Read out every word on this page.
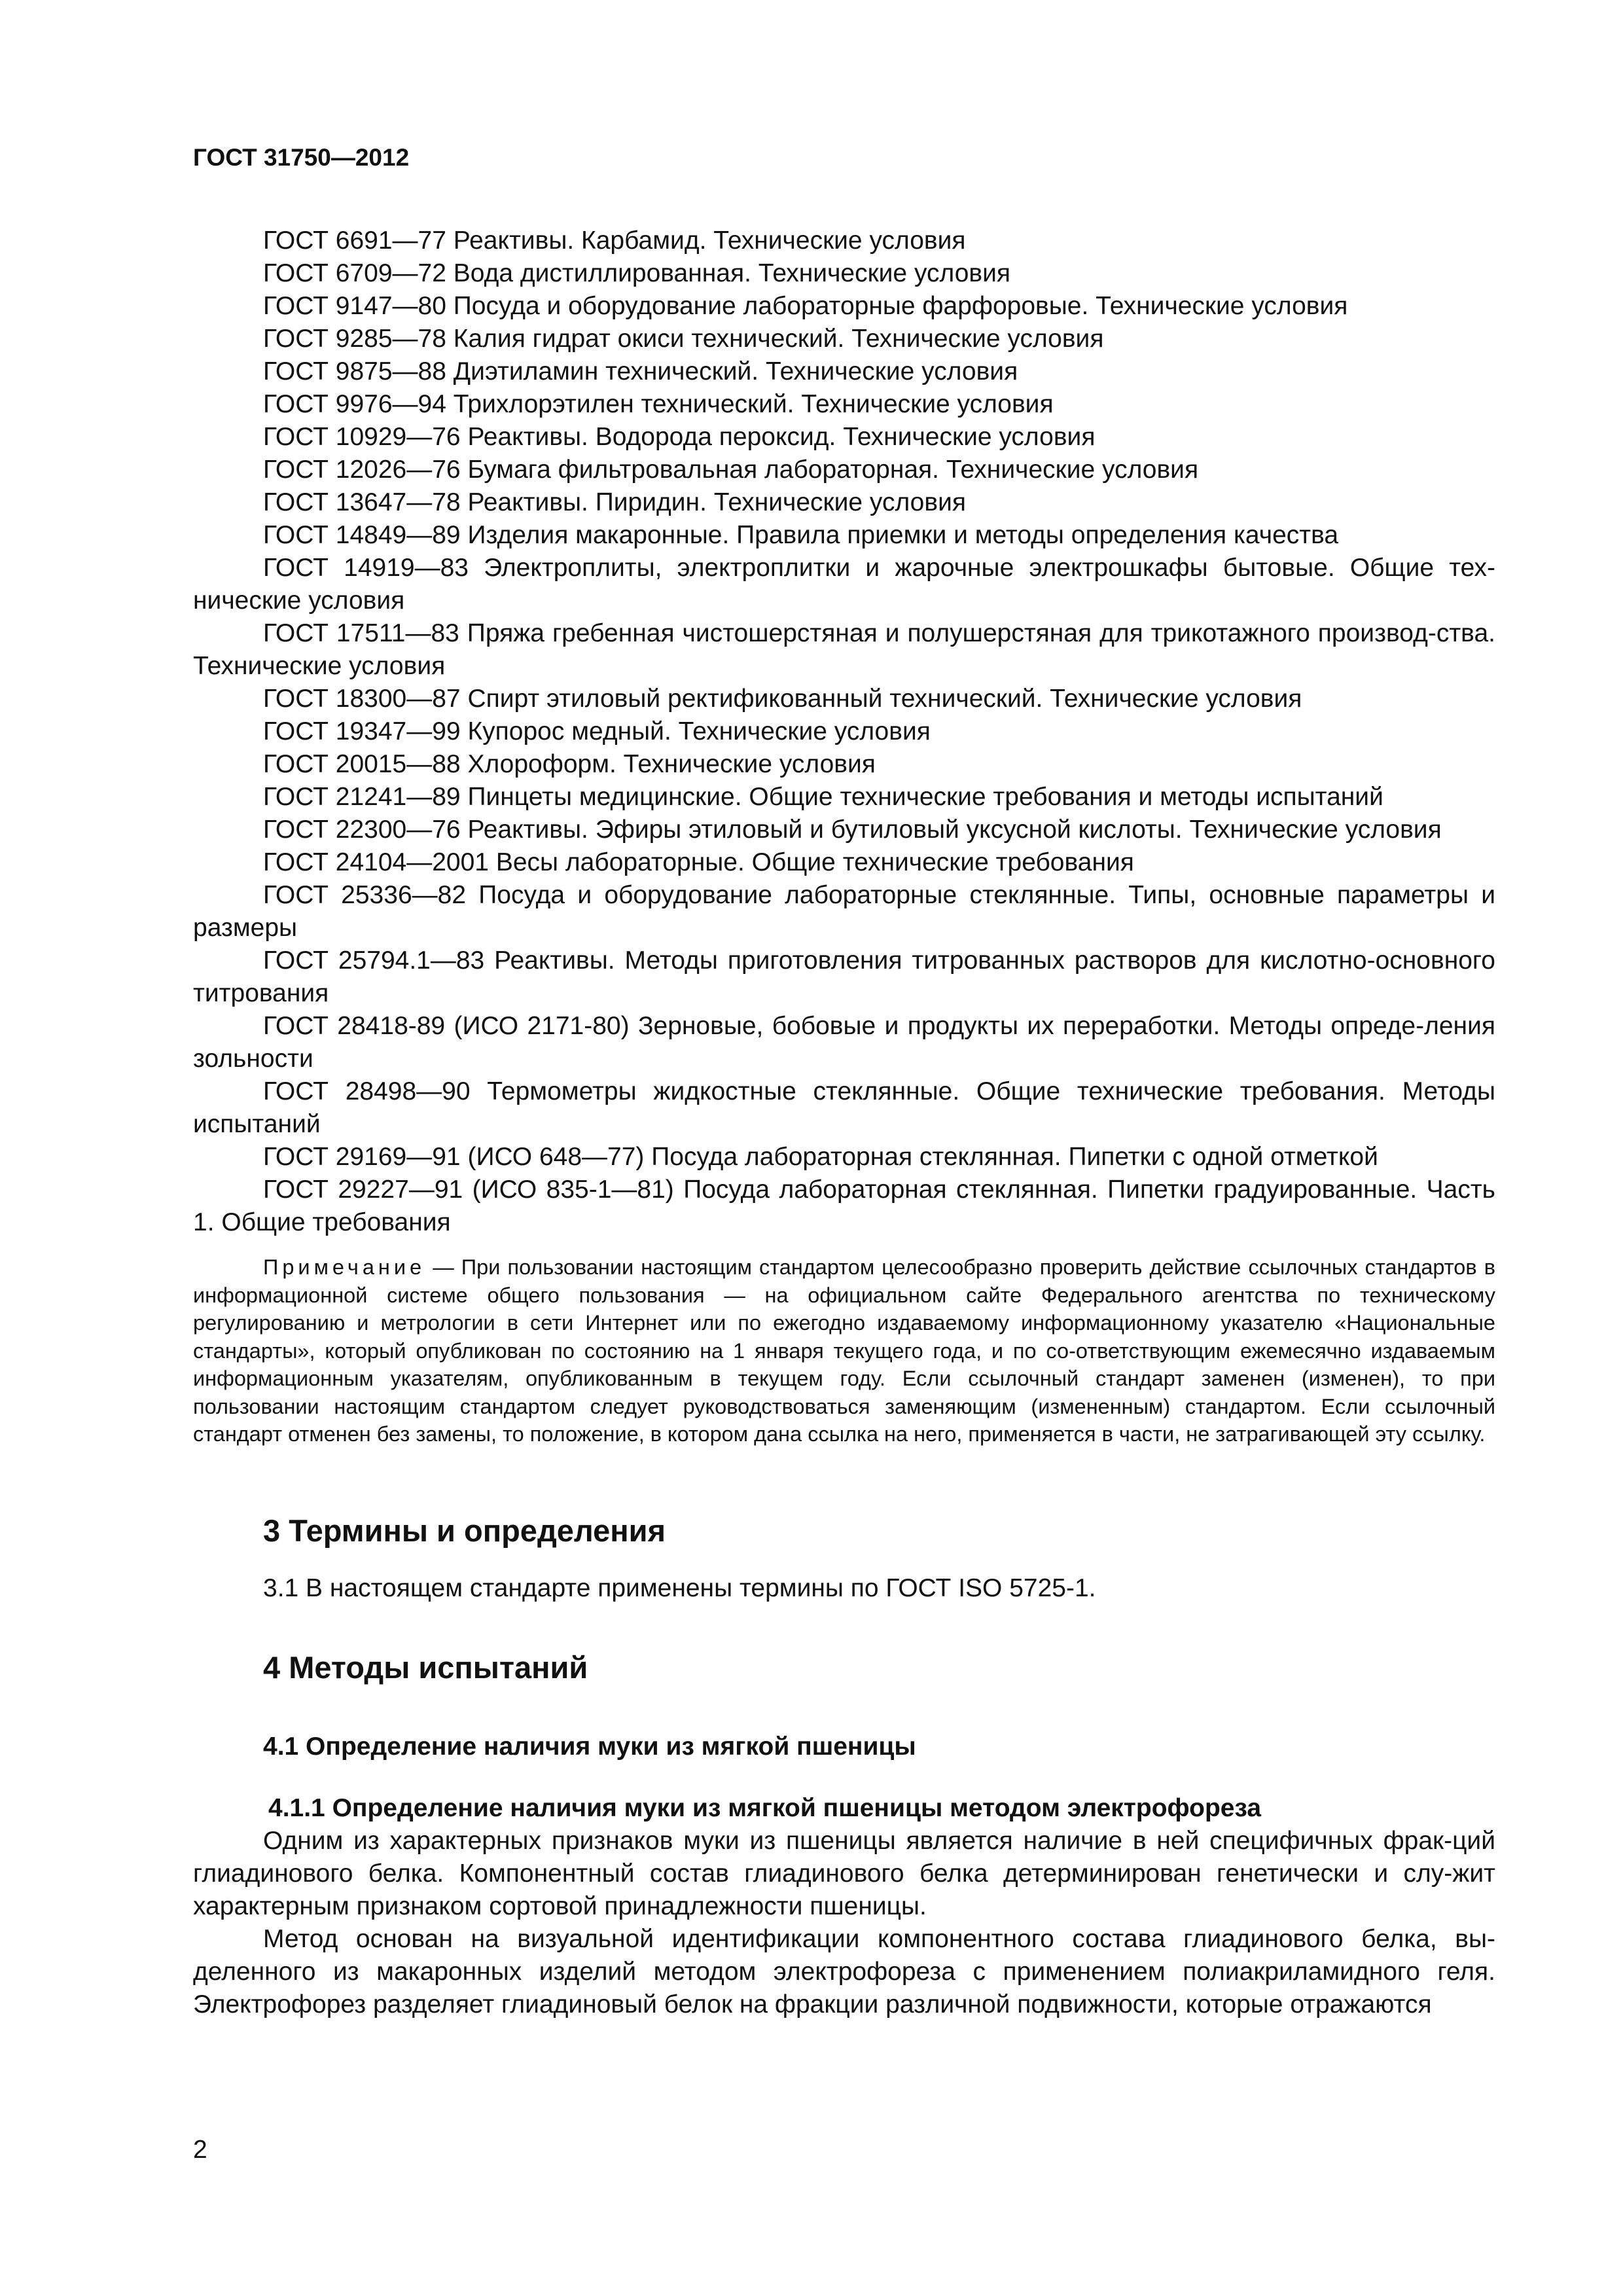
ГОСТ 31750—2012

ГОСТ 6691—77 Реактивы. Карбамид. Технические условия

ГОСТ 6709—72 Вода дистиллированная. Технические условия

ГОСТ 9147—80 Посуда и оборудование лабораторные фарфоровые. Технические условия

ГОСТ 9285—78 Калия гидрат окиси технический. Технические условия

ГОСТ 9875—88 Диэтиламин технический. Технические условия

ГОСТ 9976—94 Трихлорэтилен технический. Технические условия

ГОСТ 10929—76 Реактивы. Водорода пероксид. Технические условия

ГОСТ 12026—76 Бумага фильтровальная лабораторная. Технические условия

ГОСТ 13647—78 Реактивы. Пиридин. Технические условия

ГОСТ 14849—89 Изделия макаронные. Правила приемки и методы определения качества

ГОСТ 14919—83 Электроплиты, электроплитки и жарочные электрошкафы бытовые. Общие тех-нические условия

ГОСТ 17511—83 Пряжа гребенная чистошерстяная и полушерстяная для трикотажного производ-ства. Технические условия

ГОСТ 18300—87 Спирт этиловый ректификованный технический. Технические условия

ГОСТ 19347—99 Купорос медный. Технические условия

ГОСТ 20015—88 Хлороформ. Технические условия

ГОСТ 21241—89 Пинцеты медицинские. Общие технические требования и методы испытаний

ГОСТ 22300—76 Реактивы. Эфиры этиловый и бутиловый уксусной кислоты. Технические условия

ГОСТ 24104—2001 Весы лабораторные. Общие технические требования

ГОСТ 25336—82 Посуда и оборудование лабораторные стеклянные. Типы, основные параметры и размеры

ГОСТ 25794.1—83 Реактивы. Методы приготовления титрованных растворов для кислотно-основного титрования

ГОСТ 28418-89 (ИСО 2171-80) Зерновые, бобовые и продукты их переработки. Методы опреде-ления зольности

ГОСТ 28498—90 Термометры жидкостные стеклянные. Общие технические требования. Методы испытаний

ГОСТ 29169—91 (ИСО 648—77) Посуда лабораторная стеклянная. Пипетки с одной отметкой

ГОСТ 29227—91 (ИСО 835-1—81) Посуда лабораторная стеклянная. Пипетки градуированные. Часть 1. Общие требования

Примечание — При пользовании настоящим стандартом целесообразно проверить действие ссылочных стандартов в информационной системе общего пользования — на официальном сайте Федерального агентства по техническому регулированию и метрологии в сети Интернет или по ежегодно издаваемому информационному указателю «Национальные стандарты», который опубликован по состоянию на 1 января текущего года, и по со-ответствующим ежемесячно издаваемым информационным указателям, опубликованным в текущем году. Если ссылочный стандарт заменен (изменен), то при пользовании настоящим стандартом следует руководствоваться заменяющим (измененным) стандартом. Если ссылочный стандарт отменен без замены, то положение, в котором дана ссылка на него, применяется в части, не затрагивающей эту ссылку.
3 Термины и определения

3.1 В настоящем стандарте применены термины по ГОСТ ISO 5725-1.

4 Методы испытаний
4.1 Определение наличия муки из мягкой пшеницы
4.1.1 Определение наличия муки из мягкой пшеницы методом электрофореза

Одним из характерных признаков муки из пшеницы является наличие в ней специфичных фрак-ций глиадинового белка. Компонентный состав глиадинового белка детерминирован генетически и слу-жит характерным признаком сортовой принадлежности пшеницы.

Метод основан на визуальной идентификации компонентного состава глиадинового белка, вы-деленного из макаронных изделий методом электрофореза с применением полиакриламидного геля. Электрофорез разделяет глиадиновый белок на фракции различной подвижности, которые отражаются

2
